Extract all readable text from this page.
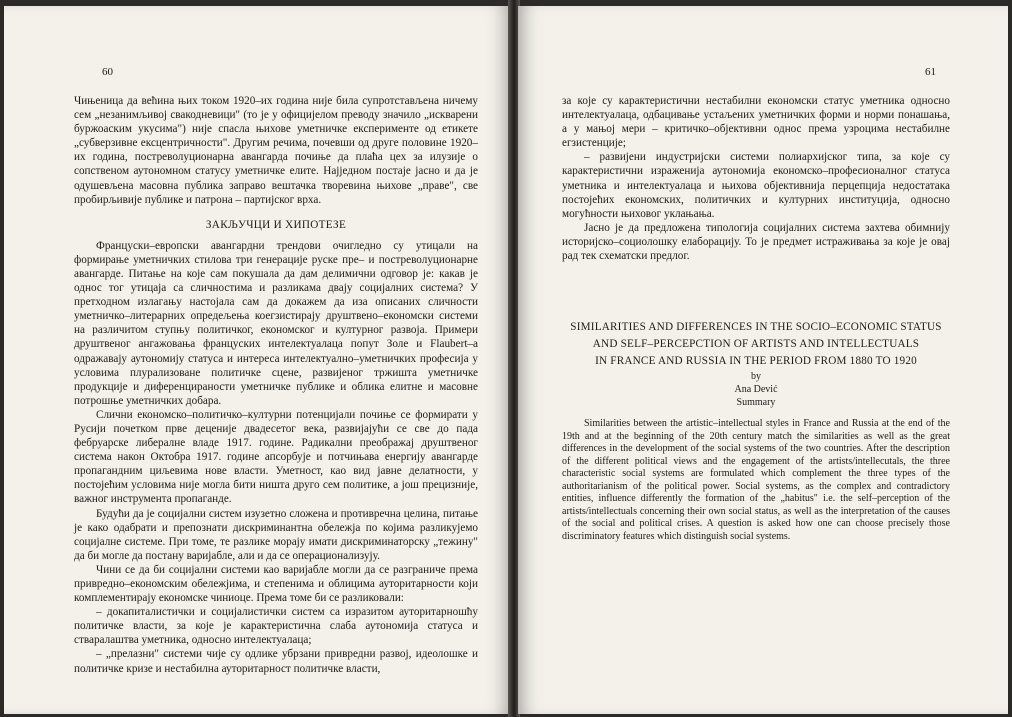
60

Чињеница да већина њих током 1920–их година није била супротстављена ничему сем „незанимљивој свакодневици" (то је у официјелом преводу значило „искварени буржоаским укусима") није спасла њихове уметничке експерименте од етикете „субверзивне ексцентричности". Другим речима, почевши од друге половине 1920–их година, постреволуционарна авангарда почиње да плаћа цех за илузије о сопственом аутономном статусу уметничке елите. Најједном постаје јасно и да је одушевљена масовна публика заправо вештачка творевина њихове „праве", све пробирљивије публике и патрона – партијског врха.

ЗАКЉУЧЦИ И ХИПОТЕЗЕ

Француски–европски авангардни трендови очигледно су утицали на формирање уметничких стилова три генерације руске пре– и постреволуционарне авангарде. Питање на које сам покушала да дам делимични одговор је: какав је однос тог утицаја са сличностима и разликама двају социјалних система? У претходном излагању настојала сам да докажем да иза описаних сличности уметничко–литерарних опредељења коегзистирају друштвено–економски системи на различитом ступњу политичког, економског и културног развоја. Примери друштвеног ангажовања француских интелектуалаца попут Золе и Flaubert–а одражавају аутономију статуса и интереса интелектуално–уметничких професија у условима плурализоване политичке сцене, развијеног тржишта уметничке продукције и диференцираности уметничке публике и облика елитне и масовне потрошње уметничких добара.

Слични економско–политичко–културни потенцијали почиње се формирати у Русији почетком прве деценије двадесетог века, развијајући се све до пада фебруарске либералне владе 1917. године. Радикални преображај друштвеног система након Октобра 1917. године апсорбује и потчињава енергију авангарде пропагандним циљевима нове власти. Уметност, као вид јавне делатности, у постојећим условима није могла бити ништа друго сем политике, а још прецизније, важног инструмента пропаганде.

Будући да је социјални систем изузетно сложена и противречна целина, питање је како одабрати и препознати дискриминантна обележја по којима разликујемо социјалне системе. При томе, те разлике морају имати дискриминаторску „тежину" да би могле да постану варијабле, али и да се операционализују.

Чини се да би социјални системи као варијабле могли да се разграниче према привредно–економским обележјима, и степенима и облицима ауторитарности који комплементирају економске чиниоце. Према томе би се разликовали:

– докапиталистички и социјалистички систем са изразитом ауторитарношћу политичке власти, за које је карактеристична слаба аутономија статуса и стваралаштва уметника, односно интелектуалаца;

– „прелазни" системи чије су одлике убрзани привредни развој, идеолошке и политичке кризе и нестабилна ауторитарност политичке власти,

61

за које су карактеристични нестабилни економски статус уметника односно интелектуалаца, одбацивање устаљених уметничких форми и норми понашања, а у мањој мери – критичко–објективни однос према узроцима нестабилне егзистенције;

– развијени индустријски системи полиархијског типа, за које су карактеристични израженија аутономија економско–професионалног статуса уметника и интелектуалаца и њихова објективнија перцепција недостатака постојећих економских, политичких и културних институција, односно могућности њиховог уклањања.

Јасно је да предложена типологија социјалних система захтева обимнију историјско–социолошку елаборацију. То је предмет истраживања за које је овај рад тек схематски предлог.

SIMILARITIES AND DIFFERENCES IN THE SOCIO–ECONOMIC STATUS
AND SELF–PERCEPCTION OF ARTISTS AND INTELLECTUALS
IN FRANCE AND RUSSIA IN THE PERIOD FROM 1880 TO 1920
by
Ana Dević
Summary

Similarities between the artistic–intellectual styles in France and Russia at the end of the 19th and at the beginning of the 20th century match the similarities as well as the great differences in the development of the social systems of the two countries. After the description of the different political views and the engagement of the artists/intellecutals, the three characteristic social systems are formulated which complement the three types of the authoritarianism of the political power. Social systems, as the complex and contradictory entities, influence differently the formation of the „habitus" i.e. the self–perception of the artists/intellectuals concerning their own social status, as well as the interpretation of the causes of the social and political crises. A question is asked how one can choose precisely those discriminatory features which distinguish social systems.
